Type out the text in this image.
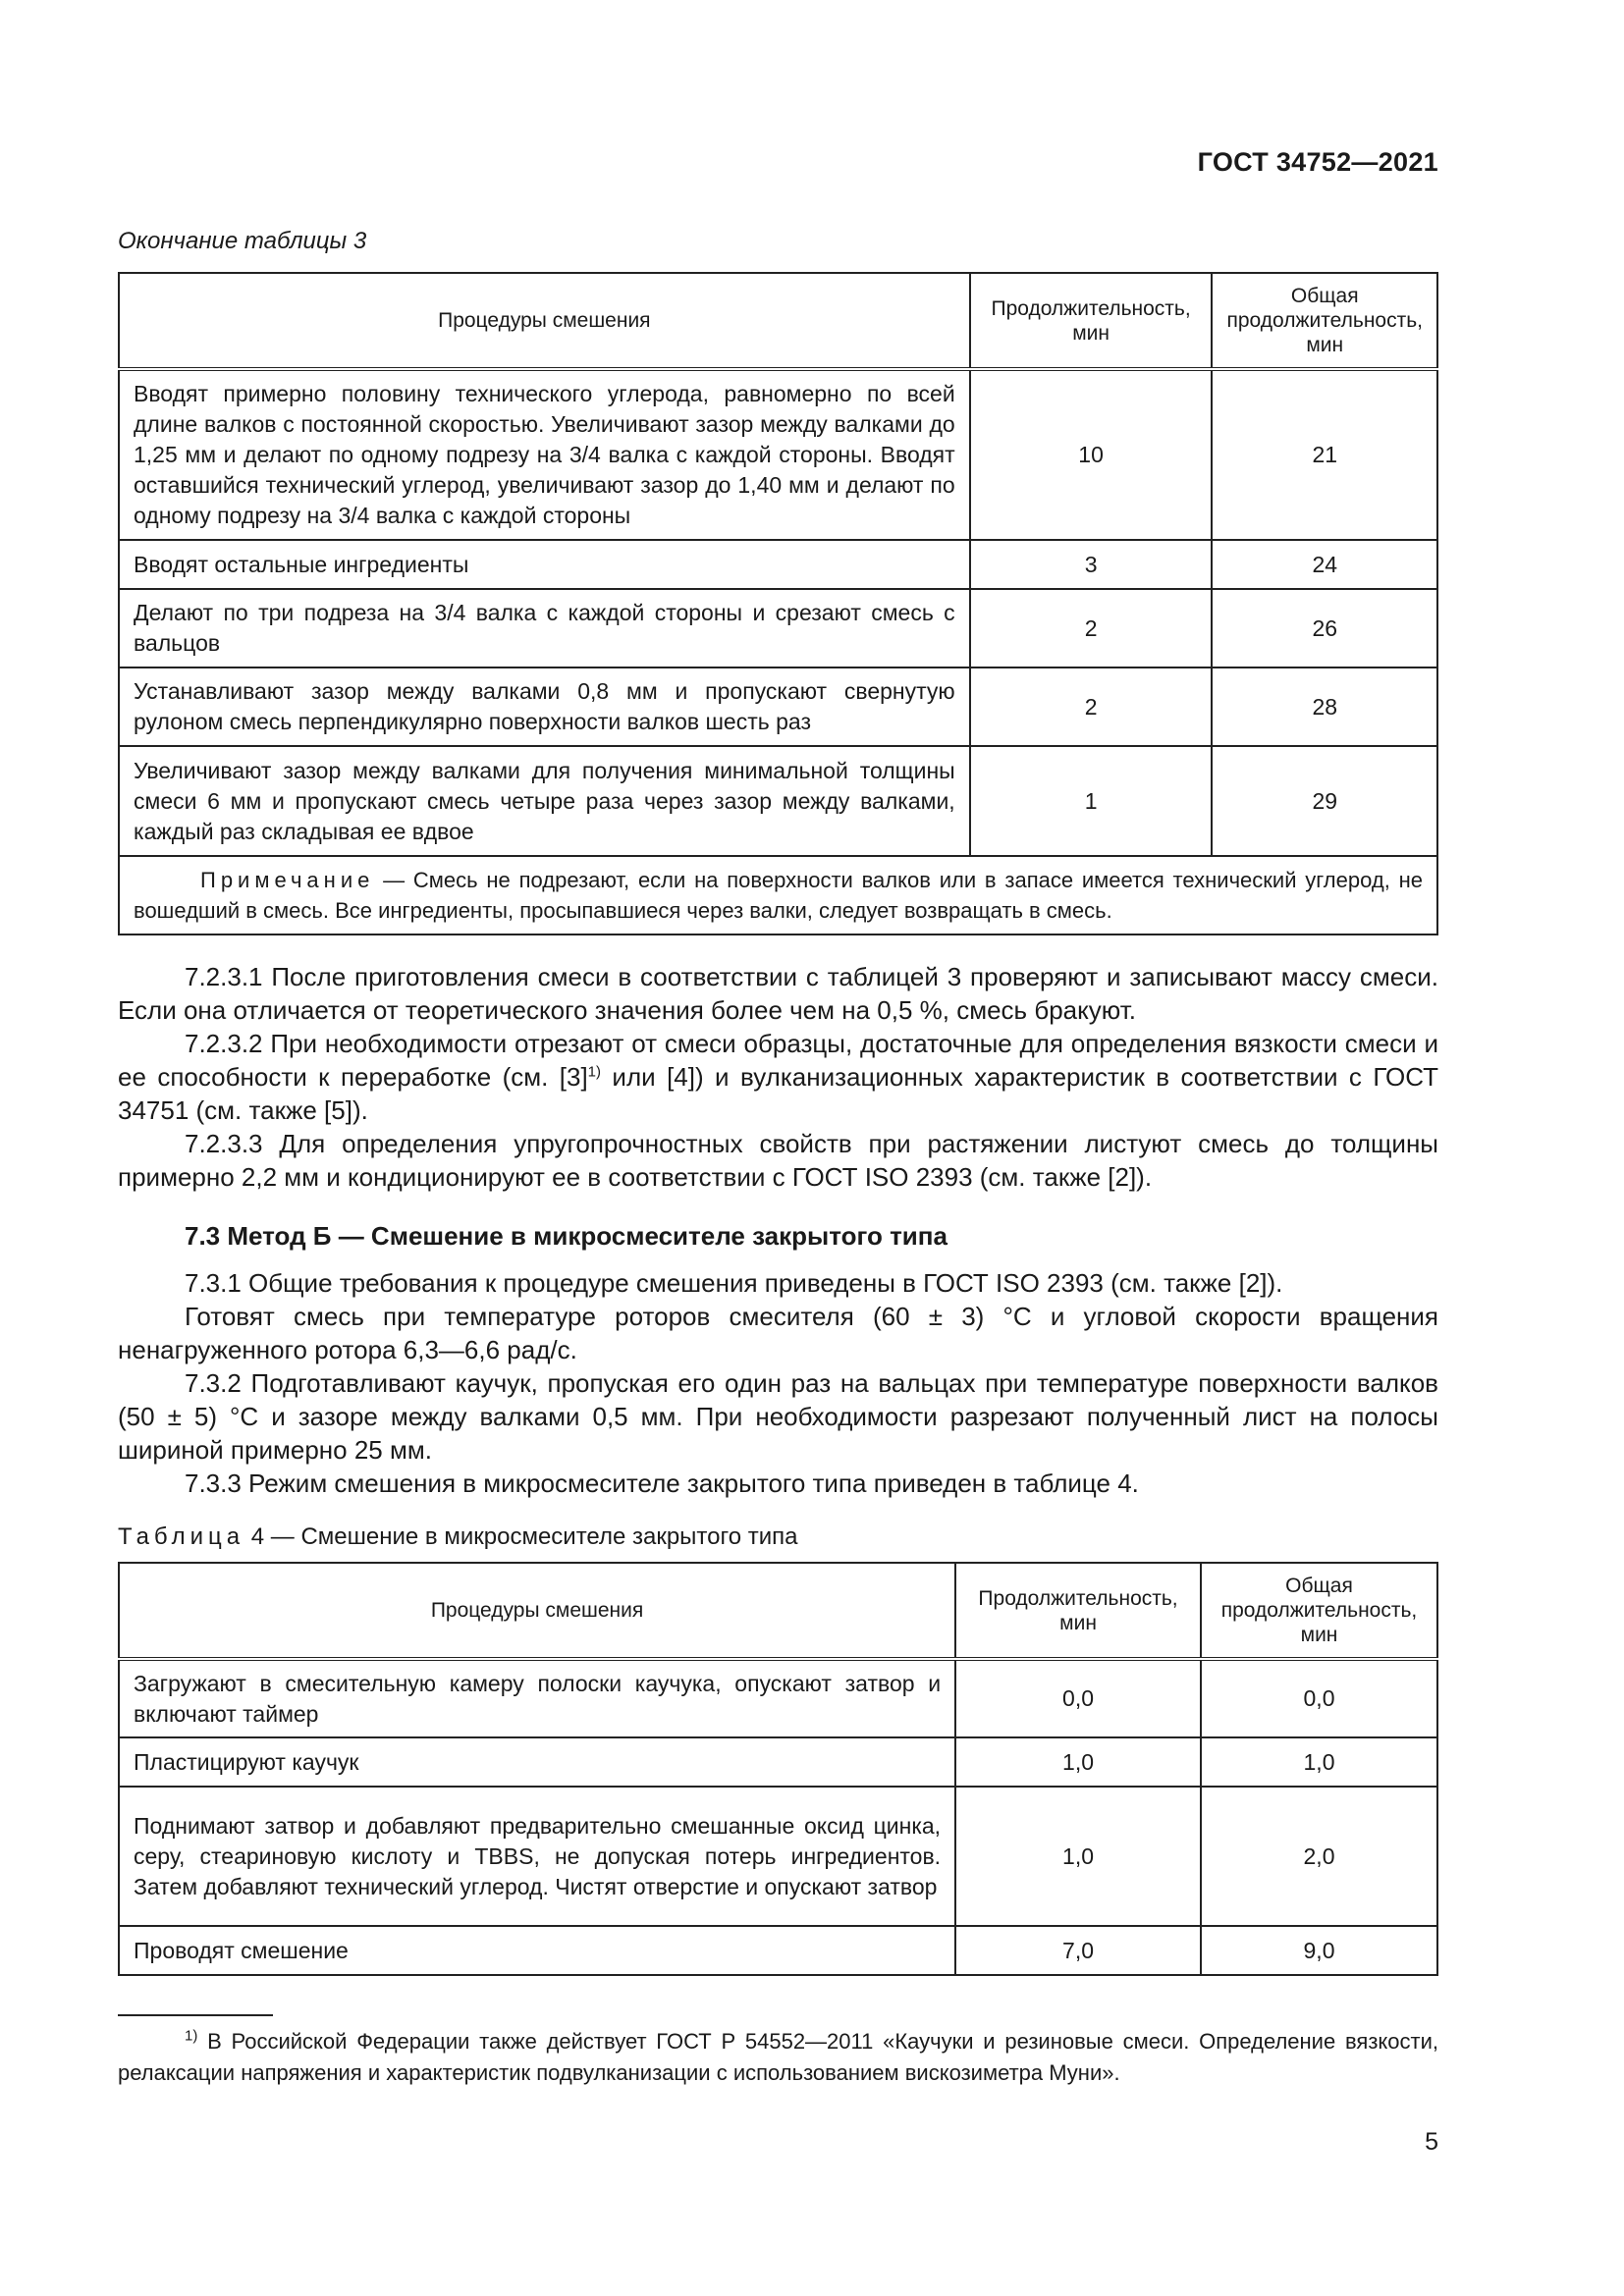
ГОСТ 34752—2021
Окончание таблицы 3
Процедуры смешения	Продолжительность, мин	Общая продолжительность, мин
Вводят примерно половину технического углерода, равномерно по всей длине валков с постоянной скоростью. Увеличивают зазор между валками до 1,25 мм и делают по одному подрезу на 3/4 валка с каждой стороны. Вводят оставшийся технический углерод, увеличивают зазор до 1,40 мм и делают по одному подрезу на 3/4 валка с каждой стороны	10	21
Вводят остальные ингредиенты	3	24
Делают по три подреза на 3/4 валка с каждой стороны и срезают смесь с вальцов	2	26
Устанавливают зазор между валками 0,8 мм и пропускают свернутую рулоном смесь перпендикулярно поверхности валков шесть раз	2	28
Увеличивают зазор между валками для получения минимальной толщины смеси 6 мм и пропускают смесь четыре раза через зазор между валками, каждый раз складывая ее вдвое	1	29
Примечание — Смесь не подрезают, если на поверхности валков или в запасе имеется технический углерод, не вошедший в смесь. Все ингредиенты, просыпавшиеся через валки, следует возвращать в смесь.		

7.2.3.1 После приготовления смеси в соответствии с таблицей 3 проверяют и записывают массу смеси. Если она отличается от теоретического значения более чем на 0,5 %, смесь бракуют.

7.2.3.2 При необходимости отрезают от смеси образцы, достаточные для определения вязкости смеси и ее способности к переработке (см. $[3]^{1)}$ или [4]) и вулканизационных характеристик в соответствии с ГОСТ 34751 (см. также [5]).

7.2.3.3 Для определения упругопрочностных свойств при растяжении листуют смесь до толщины примерно 2,2 мм и кондиционируют ее в соответствии с ГОСТ ISO 2393 (см. также [2]).

7.3 Метод Б — Смешение в микросмесителе закрытого типа

7.3.1 Общие требования к процедуре смешения приведены в ГОСТ ISO 2393 (см. также [2]).

Готовят смесь при температуре роторов смесителя (60 ± 3) °С и угловой скорости вращения ненагруженного ротора 6,3—6,6 рад/с.

7.3.2 Подготавливают каучук, пропуская его один раз на вальцах при температуре поверхности валков (50 ± 5) °С и зазоре между валками 0,5 мм. При необходимости разрезают полученный лист на полосы шириной примерно 25 мм.

7.3.3 Режим смешения в микросмесителе закрытого типа приведен в таблице 4.

Таблица 4 — Смешение в микросмесителе закрытого типа
Процедуры смешения	Продолжительность, мин	Общая продолжительность, мин
Загружают в смесительную камеру полоски каучука, опускают затвор и включают таймер	0,0	0,0
Пластицируют каучук	1,0	1,0
Поднимают затвор и добавляют предварительно смешанные оксид цинка, серу, стеариновую кислоту и TBBS, не допуская потерь ингредиентов. Затем добавляют технический углерод. Чистят отверстие и опускают затвор	1,0	2,0
Проводят смешение	7,0	9,0

$^{1)}$ В Российской Федерации также действует ГОСТ Р 54552—2011 «Каучуки и резиновые смеси. Определение вязкости, релаксации напряжения и характеристик подвулканизации с использованием вискозиметра Муни».

5
